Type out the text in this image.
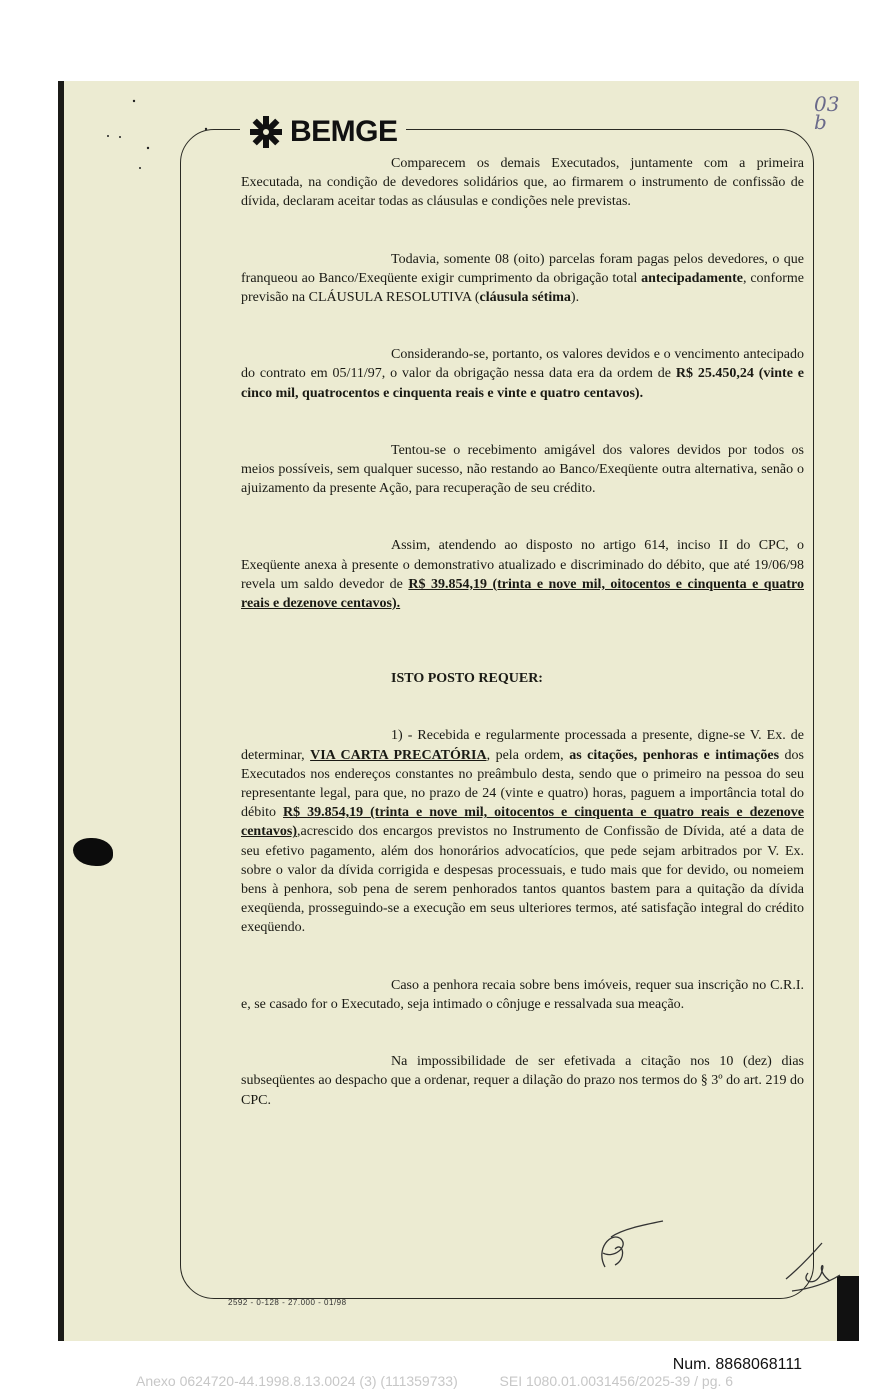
BEMGE
03 b

Comparecem os demais Executados, juntamente com a primeira Executada, na condição de devedores solidários que, ao firmarem o instrumento de confissão de dívida, declaram aceitar todas as cláusulas e condições nele previstas.

Todavia, somente 08 (oito) parcelas foram pagas pelos devedores, o que franqueou ao Banco/Exeqüente exigir cumprimento da obrigação total antecipadamente, conforme previsão na CLÁUSULA RESOLUTIVA (cláusula sétima).

Considerando-se, portanto, os valores devidos e o vencimento antecipado do contrato em 05/11/97, o valor da obrigação nessa data era da ordem de R$ 25.450,24 (vinte e cinco mil, quatrocentos e cinquenta reais e vinte e quatro centavos).

Tentou-se o recebimento amigável dos valores devidos por todos os meios possíveis, sem qualquer sucesso, não restando ao Banco/Exeqüente outra alternativa, senão o ajuizamento da presente Ação, para recuperação de seu crédito.

Assim, atendendo ao disposto no artigo 614, inciso II do CPC, o Exeqüente anexa à presente o demonstrativo atualizado e discriminado do débito, que até 19/06/98 revela um saldo devedor de R$ 39.854,19 (trinta e nove mil, oitocentos e cinquenta e quatro reais e dezenove centavos).

ISTO POSTO REQUER:

1) - Recebida e regularmente processada a presente, digne-se V. Ex. de determinar, VIA CARTA PRECATÓRIA, pela ordem, as citações, penhoras e intimações dos Executados nos endereços constantes no preâmbulo desta, sendo que o primeiro na pessoa do seu representante legal, para que, no prazo de 24 (vinte e quatro) horas, paguem a importância total do débito R$ 39.854,19 (trinta e nove mil, oitocentos e cinquenta e quatro reais e dezenove centavos),acrescido dos encargos previstos no Instrumento de Confissão de Dívida, até a data de seu efetivo pagamento, além dos honorários advocatícios, que pede sejam arbitrados por V. Ex. sobre o valor da dívida corrigida e despesas processuais, e tudo mais que for devido, ou nomeiem bens à penhora, sob pena de serem penhorados tantos quantos bastem para a quitação da dívida exeqüenda, prosseguindo-se a execução em seus ulteriores termos, até satisfação integral do crédito exeqüendo.

Caso a penhora recaia sobre bens imóveis, requer sua inscrição no C.R.I. e, se casado for o Executado, seja intimado o cônjuge e ressalvada sua meação.

Na impossibilidade de ser efetivada a citação nos 10 (dez) dias subseqüentes ao despacho que a ordenar, requer a dilação do prazo nos termos do § 3º do art. 219 do CPC.

2592 - 0-128 - 27.000 - 01/98
Num. 8868068111
Anexo 0624720-44.1998.8.13.0024 (3) (111359733)	SEI 1080.01.0031456/2025-39 / pg. 6
